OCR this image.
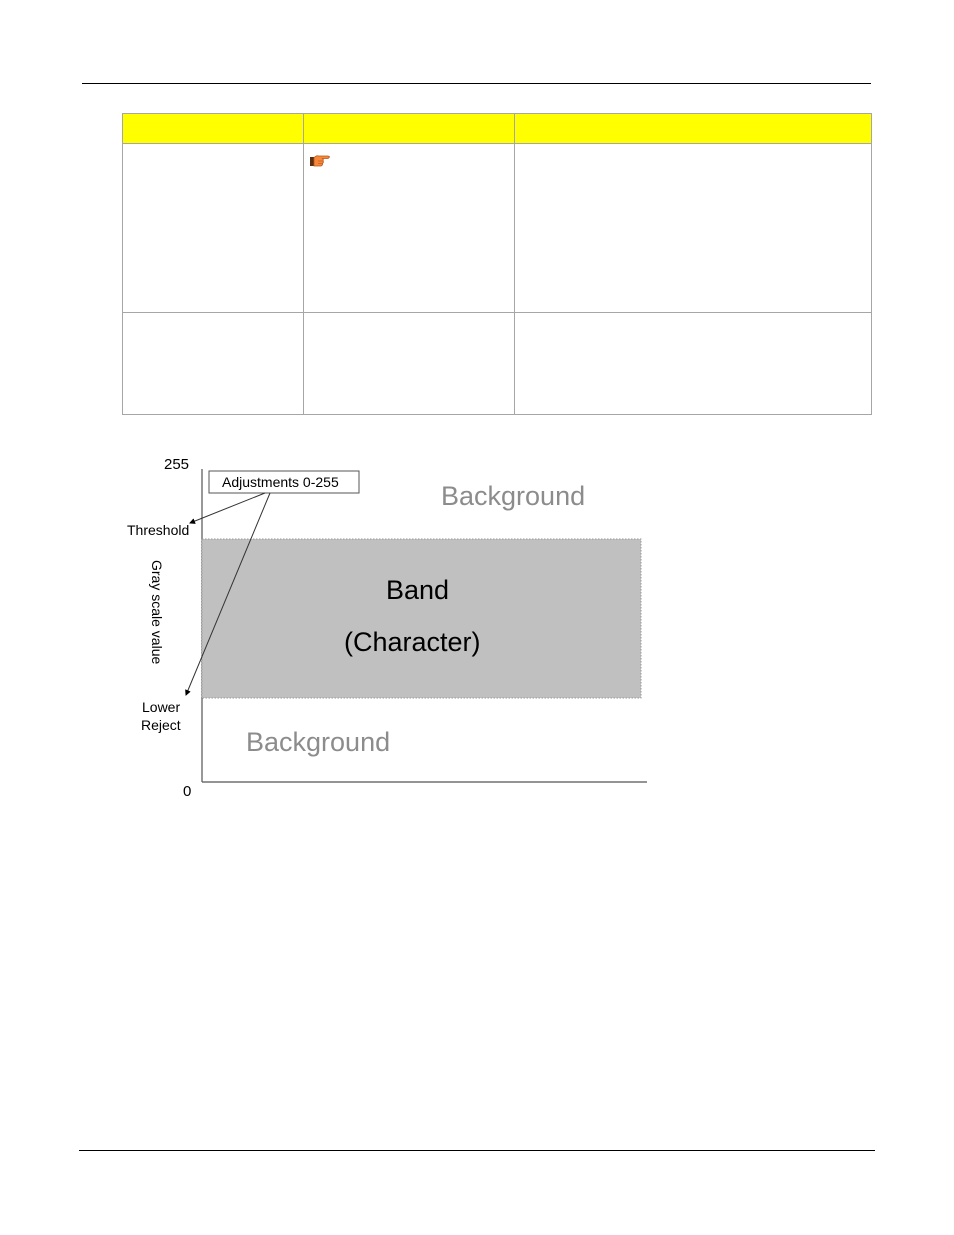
255
0
Gray scale value
Threshold
Lower
Reject
Adjustments 0-255	Background
Band
(Character)
Background
